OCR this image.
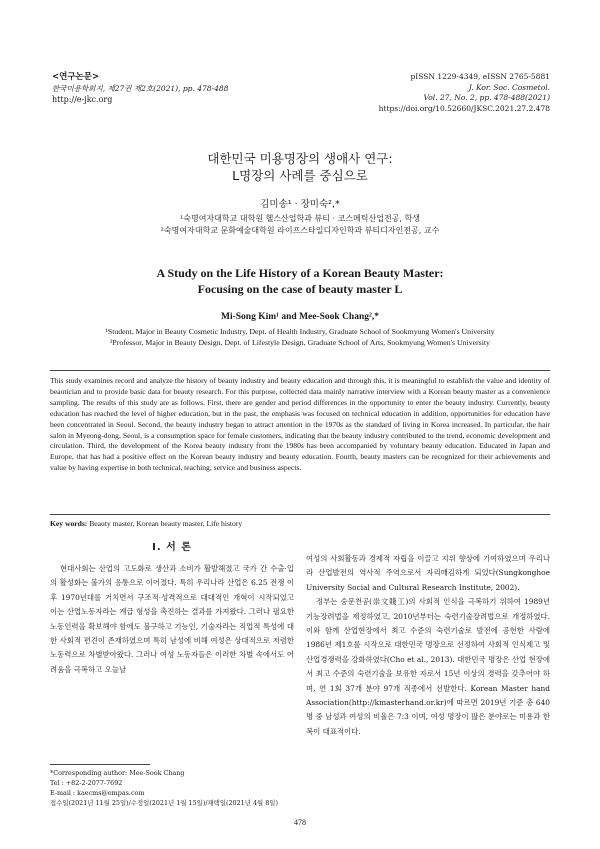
<연구논문>
한국미용학회지, 제27권 제2호(2021), pp. 478-488
http://e-jkc.org
pISSN 1229-4349, eISSN 2765-5881
J. Kor. Soc. Cosmetol.
Vol. 27, No. 2, pp. 478-488(2021)
https://doi.org/10.52660/JKSC.2021.27.2.478
대한민국 미용명장의 생애사 연구:
L명장의 사례를 중심으로
김미송¹ · 장미숙²,*
¹숙명여자대학교 대학원 헬스산업학과 뷰티 · 코스메틱산업전공, 학생
²숙명여자대학교 문화예술대학원 라이프스타일디자인학과 뷰티디자인전공, 교수
A Study on the Life History of a Korean Beauty Master:
Focusing on the case of beauty master L
Mi-Song Kim¹ and Mee-Sook Chang²,*
¹Student, Major in Beauty Cosmetic Industry, Dept. of Health Industry, Graduate School of Sookmyung Women's University
²Professor, Major in Beauty Design, Dept. of Lifestyle Design, Graduate School of Arts, Sookmyung Women's University
This study examines record and analyze the history of beauty industry and beauty education and through this, it is meaningful to establish the value and identity of beautician and to provide basic data for beauty research. For this purpose, collected data mainly narrative interview with a Korean beauty master as a convenience sampling. The results of this study are as follows. First, there are gender and period differences in the opportunity to enter the beauty industry. Currently, beauty education has reached the level of higher education, but in the past, the emphasis was focused on technical education in addition, opportunities for education have been concentrated in Seoul. Second, the beauty industry began to attract attention in the 1970s as the standard of living in Korea increased. In particular, the hair salon in Myeong-dong, Seoul, is a consumption space for female customers, indicating that the beauty industry contributed to the trend, economic development and circulation. Third, the development of the Korea beauty industry from the 1980s has been accompanied by voluntary beauty education. Educated in Japan and Europe, that has had a positive effect on the Korean beauty industry and beauty education. Fourth, beauty masters can be recognized for their achievements and value by having expertise in both technical, teaching, service and business aspects.
Key words: Beauty master, Korean beauty master, Life history
I. 서 론

현대사회는 산업의 고도화로 생산과 소비가 활발해졌고 국가 간 수출·입의 활성화는 불가의 응통으로 이어졌다. 특히 우리나라 산업은 6.25 전쟁 이후 1970년대를 거치면서 구조적·성격적으로 대대적인 개혁이 시작되었고 이는 산업노동자라는 계급 형성을 촉진하는 결과를 가져왔다. 그러나 필요한 노동인력을 확보해야 함에도 불구하고 기능인, 기술자라는 직업적 특성에 대한 사회적 편견이 존재하였으며 특히 남성에 비해 여성은 상대적으로 저렴한 노동력으로 차별받아왔다. 그러나 여성 노동자들은 이러한 차별 속에서도 어려움을 극복하고 오늘날

여성의 사회활동과 경제적 자립을 이끌고 지위 향상에 기여하였으며 우리나라 산업발전의 역사적 주역으로서 자리매김하게 되었다(Sungkonghoe University Social and Cultural Research Institute, 2002).

정부는 숭문천공(崇文賤工)의 사회적 인식을 극복하기 위하여 1989년 기능장려법을 제정하였고, 2010년부터는 숙련기술장려법으로 개정하였다. 이와 함께 산업현장에서 최고 수준의 숙련기술로 발전에 공헌한 사람에 1986년 제1호를 시작으로 대한민국 명장으로 선정하여 사회적 인식제고 및 산업경쟁력을 강화하였다(Cho et al., 2013). 대한민국 명장은 산업 현장에서 최고 수준의 숙련기술을 보유한 자로서 15년 이상의 경력을 갖추어야 하며, 연 1회 37개 분야 97개 직종에서 선발한다. Korean Master hand Association(http://kmasterhand.or.kr)에 따르면 2019년 기준 총 640명 중 남성과 여성의 비율은 7:3 이며, 여성 명장이 많은 분야로는 미용과 한복이 대표적이다.

*Corresponding author: Mee-Sook Chang
Tel : +82-2-2077-7692
E-mail : kaecms@empas.com
접수일(2021년 11월 25일)/수정일(2021년 1월 15일)/채택일(2021년 4월 8일)
478
